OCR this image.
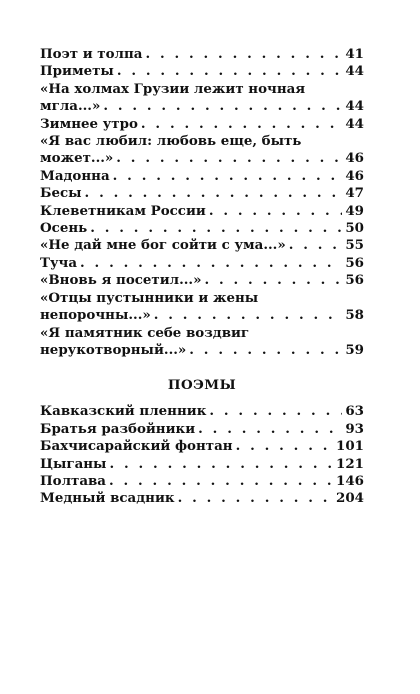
Поэт и толпа . . .	41
Приметы . . .	44
«На холмах Грузии лежит ночная
мгла...» . . .	44
Зимнее утро . . .	44
«Я вас любил: любовь еще, быть
может...» . . .	46
Мадонна . . .	46
Бесы . . .	47
Клеветникам России . . .	49
Осень . . .	50
«Не дай мне бог сойти с ума...» . . .	55
Туча . . .	56
«Вновь я посетил...» . . .	56
«Отцы пустынники и жены
непорочны...» . . .	58
«Я памятник себе воздвиг
нерукотворный...» . . .	59
ПОЭМЫ
Кавказский пленник . . .	63
Братья разбойники . . .	93
Бахчисарайский фонтан . . .	101
Цыганы . . .	121
Полтава . . .	146
Медный всадник . . .	204
